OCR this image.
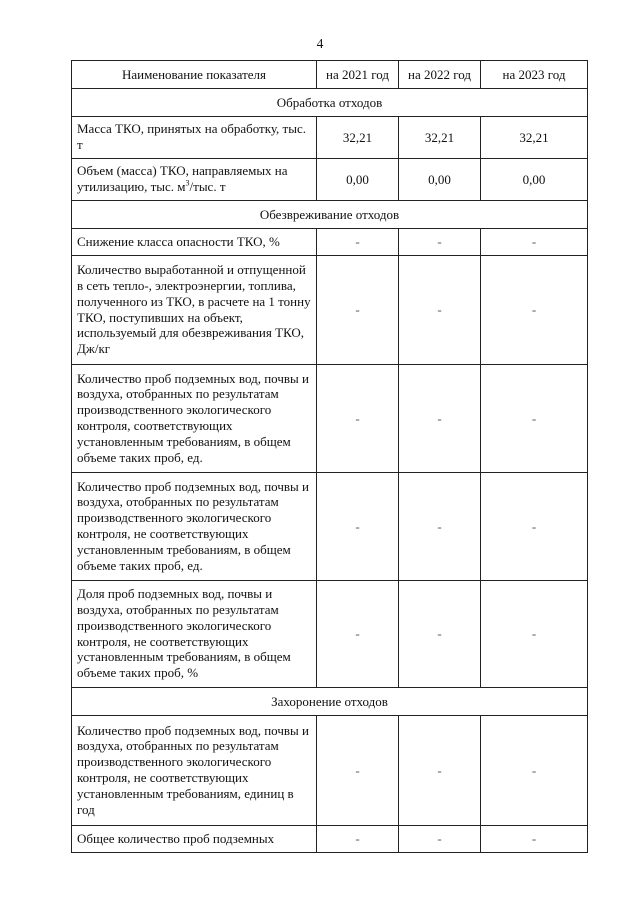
4
Наименование показателя	на 2021 год	на 2022 год	на 2023 год
Обработка отходов			
Масса ТКО, принятых на обработку, тыс. т	32,21	32,21	32,21
Объем (масса) ТКО, направляемых на утилизацию, тыс. $м^3$/тыс. т	0,00	0,00	0,00
Обезвреживание отходов			
Снижение класса опасности ТКО, %	-	-	-
Количество выработанной и отпущенной в сеть тепло-, электроэнергии, топлива, полученного из ТКО, в расчете на 1 тонну ТКО, поступивших на объект, используемый для обезвреживания ТКО, Дж/кг	-	-	-
Количество проб подземных вод, почвы и воздуха, отобранных по результатам производственного экологического контроля, соответствующих установленным требованиям, в общем объеме таких проб, ед.	-	-	-
Количество проб подземных вод, почвы и воздуха, отобранных по результатам производственного экологического контроля, не соответствующих установленным требованиям, в общем объеме таких проб, ед.	-	-	-
Доля проб подземных вод, почвы и воздуха, отобранных по результатам производственного экологического контроля, не соответствующих установленным требованиям, в общем объеме таких проб, %	-	-	-
Захоронение отходов			
Количество проб подземных вод, почвы и воздуха, отобранных по результатам производственного экологического контроля, не соответствующих установленным требованиям, единиц в год	-	-	-
Общее количество проб подземных	-	-	-
